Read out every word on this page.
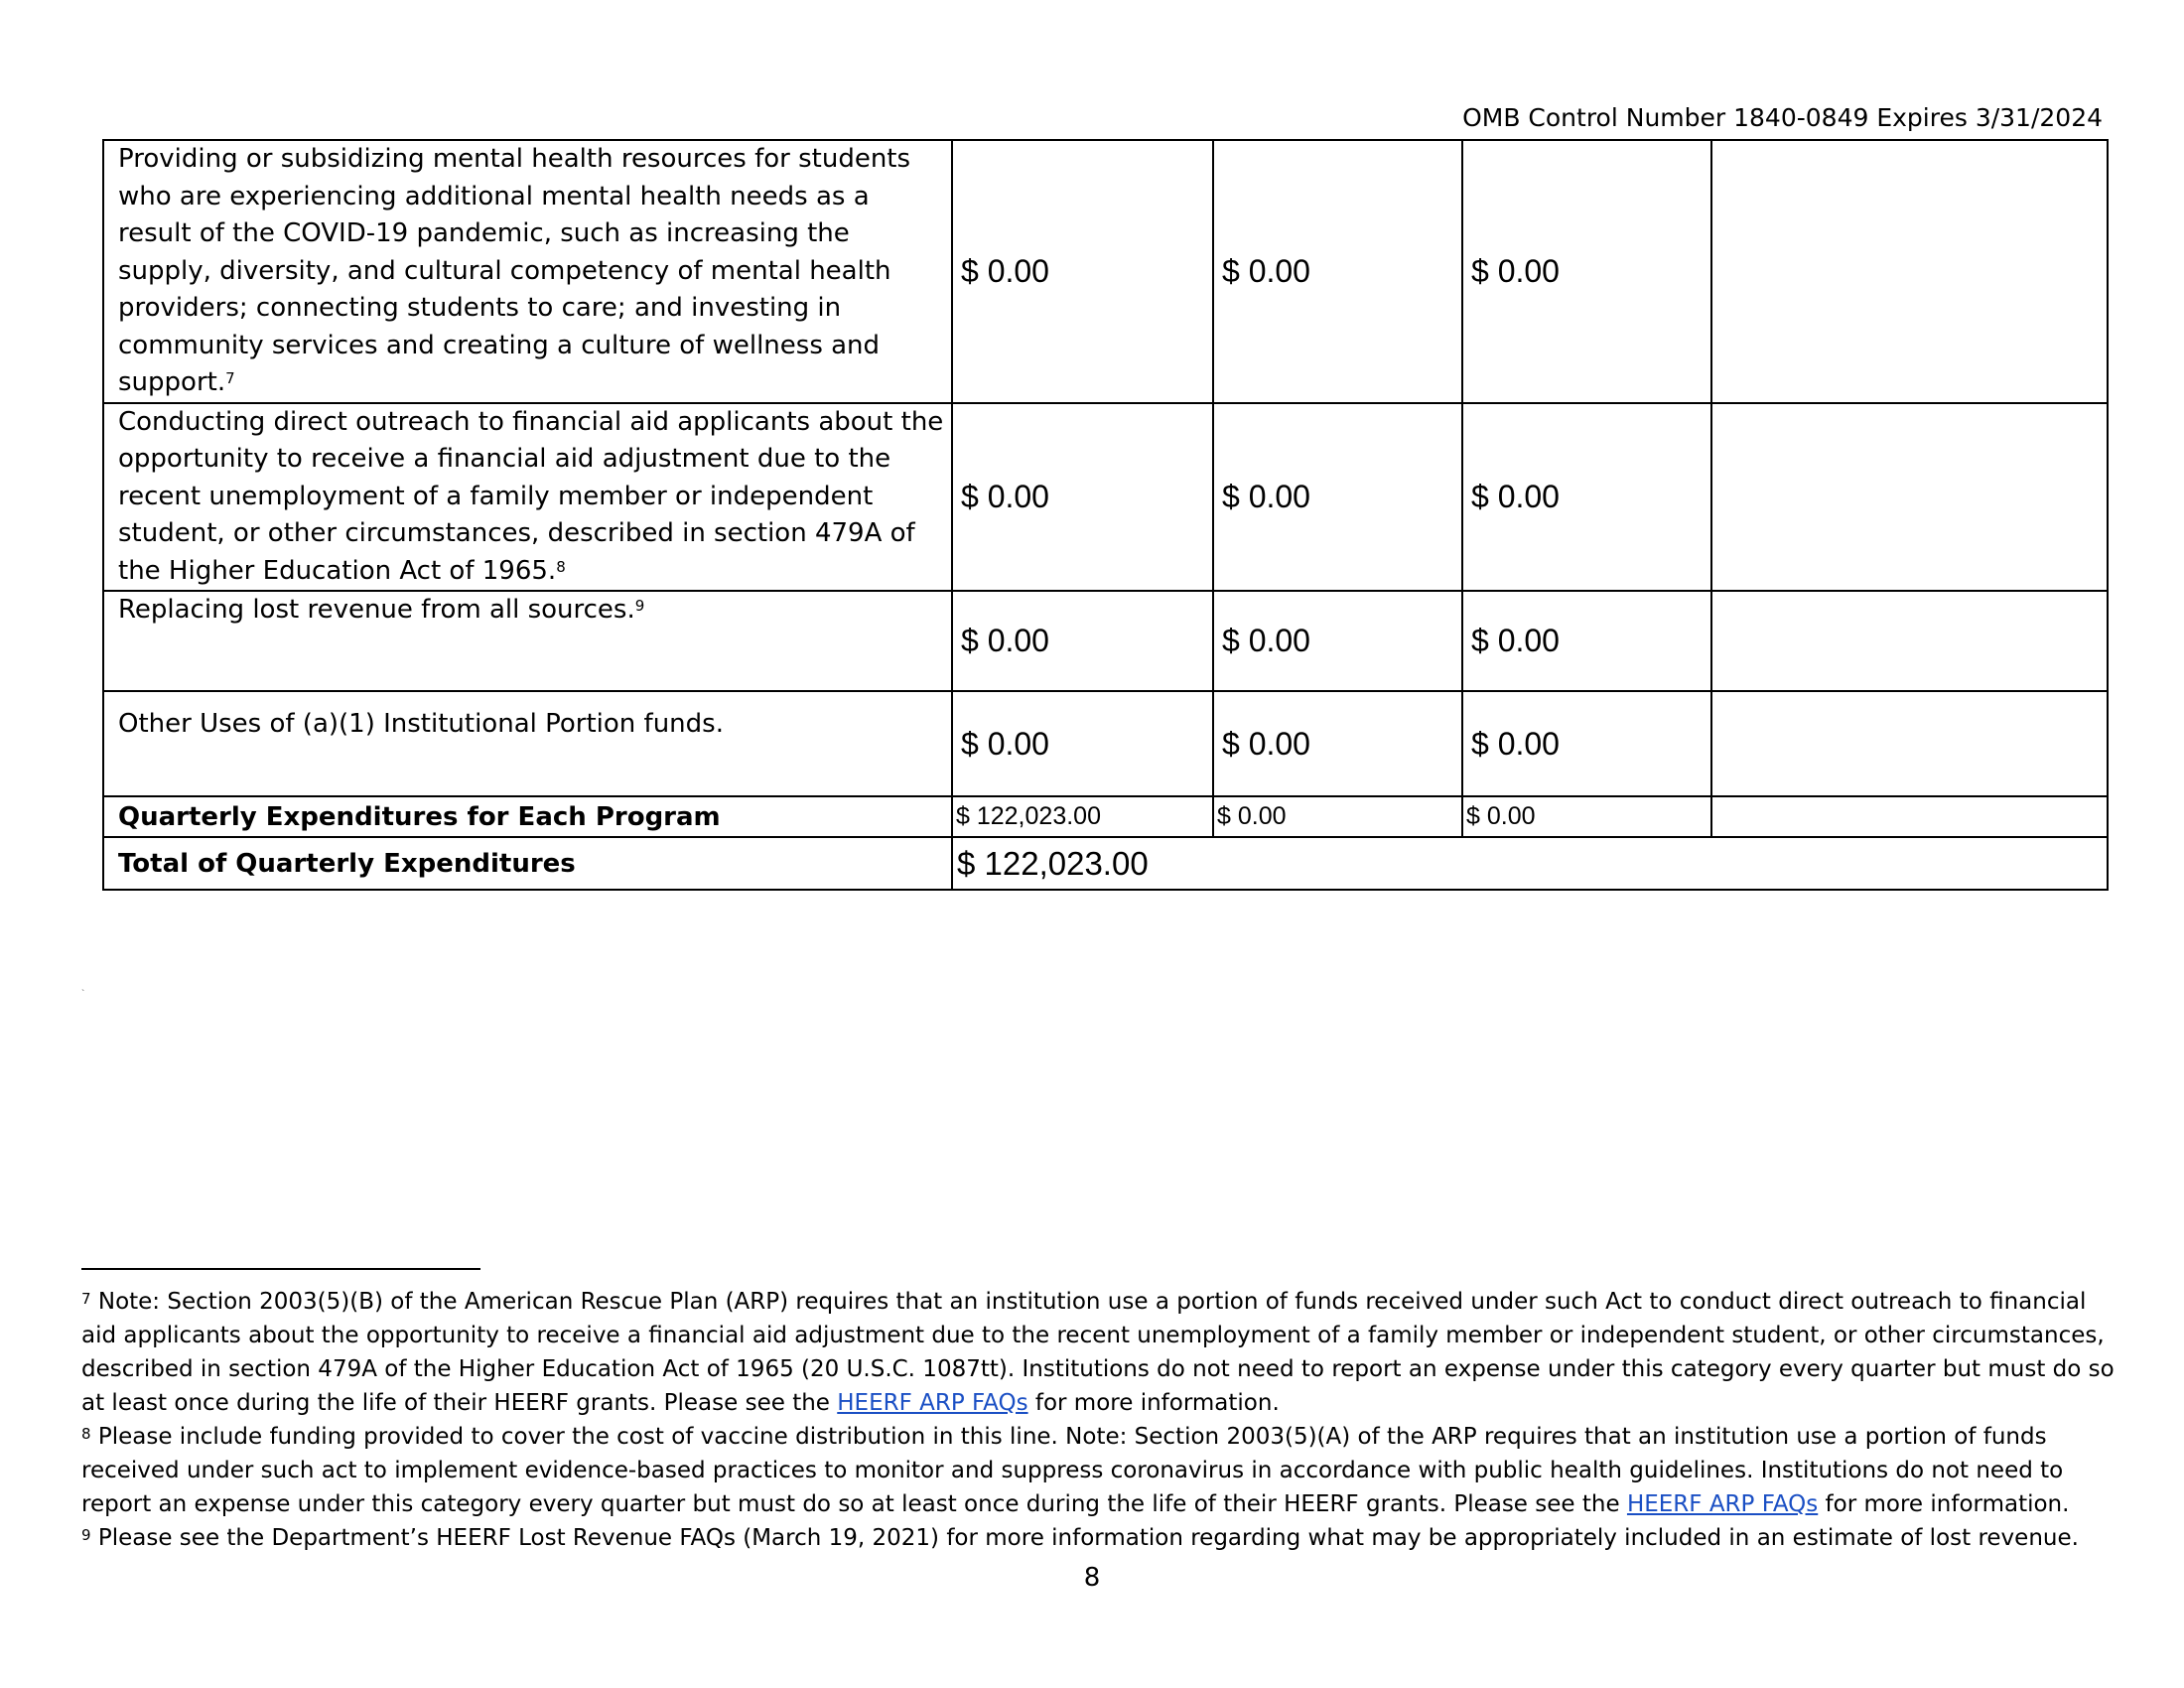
OMB Control Number 1840-0849 Expires 3/31/2024
Providing or subsidizing mental health resources for students who are experiencing additional mental health needs as a result of the COVID-19 pandemic, such as increasing the supply, diversity, and cultural competency of mental health providers; connecting students to care; and investing in community services and creating a culture of wellness and support.$^7$	$ 0.00	$ 0.00	$ 0.00	
Conducting direct outreach to financial aid applicants about the opportunity to receive a financial aid adjustment due to the recent unemployment of a family member or independent student, or other circumstances, described in section 479A of the Higher Education Act of 1965.$^8$	$ 0.00	$ 0.00	$ 0.00	
Replacing lost revenue from all sources.$^9$	$ 0.00	$ 0.00	$ 0.00	
Other Uses of (a)(1) Institutional Portion funds.	$ 0.00	$ 0.00	$ 0.00	
Quarterly Expenditures for Each Program	$ 122,023.00	$ 0.00	$ 0.00	
Total of Quarterly Expenditures	$ 122,023.00			
`

$^7$ Note: Section 2003(5)(B) of the American Rescue Plan (ARP) requires that an institution use a portion of funds received under such Act to conduct direct outreach to financial aid applicants about the opportunity to receive a financial aid adjustment due to the recent unemployment of a family member or independent student, or other circumstances, described in section 479A of the Higher Education Act of 1965 (20 U.S.C. 1087tt). Institutions do not need to report an expense under this category every quarter but must do so at least once during the life of their HEERF grants. Please see the HEERF ARP FAQs for more information.

$^8$ Please include funding provided to cover the cost of vaccine distribution in this line. Note: Section 2003(5)(A) of the ARP requires that an institution use a portion of funds received under such act to implement evidence-based practices to monitor and suppress coronavirus in accordance with public health guidelines. Institutions do not need to report an expense under this category every quarter but must do so at least once during the life of their HEERF grants. Please see the HEERF ARP FAQs for more information.

$^9$ Please see the Department’s HEERF Lost Revenue FAQs (March 19, 2021) for more information regarding what may be appropriately included in an estimate of lost revenue.

8
